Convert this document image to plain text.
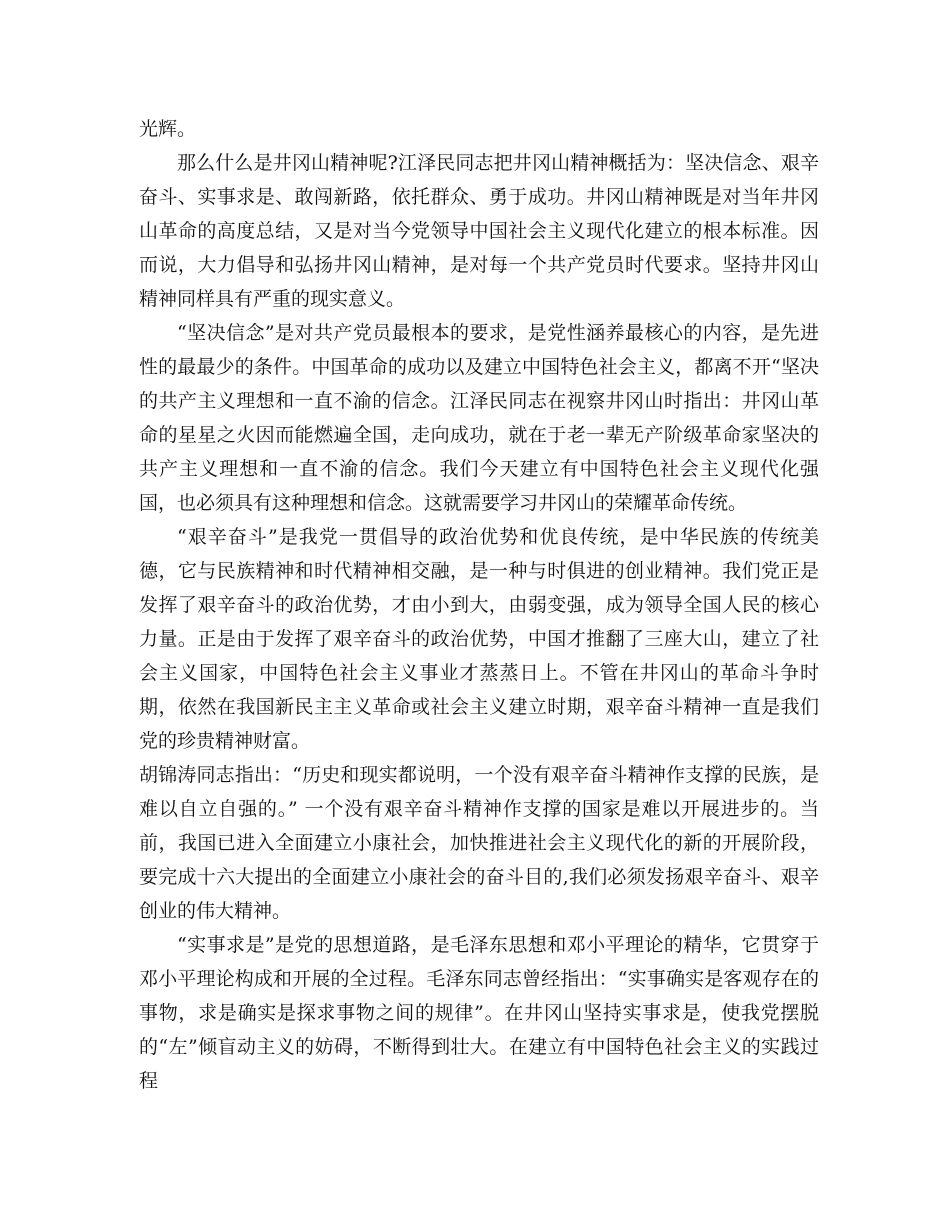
光辉。

那么什么是井冈山精神呢?江泽民同志把井冈山精神概括为：坚决信念、艰辛奋斗、实事求是、敢闯新路，依托群众、勇于成功。井冈山精神既是对当年井冈山革命的高度总结，又是对当今党领导中国社会主义现代化建立的根本标准。因而说，大力倡导和弘扬井冈山精神，是对每一个共产党员时代要求。坚持井冈山精神同样具有严重的现实意义。

“坚决信念”是对共产党员最根本的要求，是党性涵养最核心的内容，是先进性的最最少的条件。中国革命的成功以及建立中国特色社会主义，都离不开“坚决的共产主义理想和一直不渝的信念。江泽民同志在视察井冈山时指出：井冈山革命的星星之火因而能燃遍全国，走向成功，就在于老一辈无产阶级革命家坚决的共产主义理想和一直不渝的信念。我们今天建立有中国特色社会主义现代化强国，也必须具有这种理想和信念。这就需要学习井冈山的荣耀革命传统。

“艰辛奋斗”是我党一贯倡导的政治优势和优良传统，是中华民族的传统美德，它与民族精神和时代精神相交融，是一种与时俱进的创业精神。我们党正是发挥了艰辛奋斗的政治优势，才由小到大，由弱变强，成为领导全国人民的核心力量。正是由于发挥了艰辛奋斗的政治优势，中国才推翻了三座大山，建立了社会主义国家，中国特色社会主义事业才蒸蒸日上。不管在井冈山的革命斗争时期，依然在我国新民主主义革命或社会主义建立时期，艰辛奋斗精神一直是我们党的珍贵精神财富。

胡锦涛同志指出：“历史和现实都说明，一个没有艰辛奋斗精神作支撑的民族，是难以自立自强的。” 一个没有艰辛奋斗精神作支撑的国家是难以开展进步的。当前，我国已进入全面建立小康社会，加快推进社会主义现代化的新的开展阶段，要完成十六大提出的全面建立小康社会的奋斗目的,我们必须发扬艰辛奋斗、艰辛创业的伟大精神。

“实事求是”是党的思想道路，是毛泽东思想和邓小平理论的精华，它贯穿于邓小平理论构成和开展的全过程。毛泽东同志曾经指出：“实事确实是客观存在的事物，求是确实是探求事物之间的规律”。在井冈山坚持实事求是，使我党摆脱的“左”倾盲动主义的妨碍，不断得到壮大。在建立有中国特色社会主义的实践过程
